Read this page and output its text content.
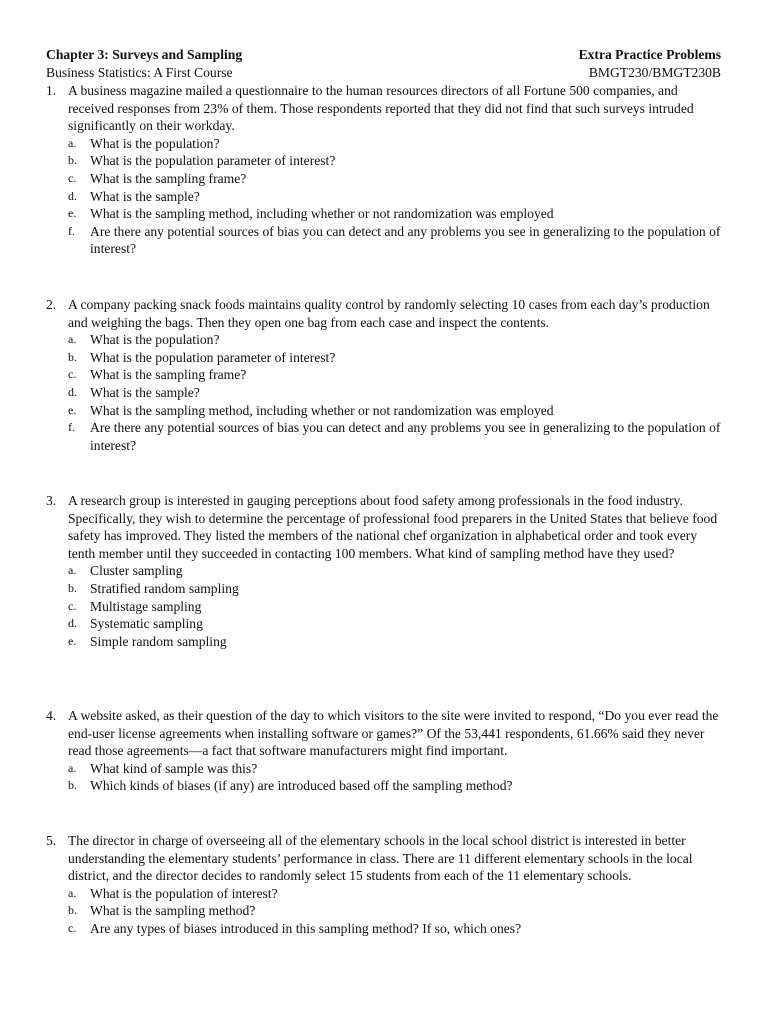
Chapter 3: Surveys and Sampling	Extra Practice Problems
Business Statistics: A First Course	BMGT230/BMGT230B
1. A business magazine mailed a questionnaire to the human resources directors of all Fortune 500 companies, and received responses from 23% of them. Those respondents reported that they did not find that such surveys intruded significantly on their workday.
a.	What is the population?
b. What is the population parameter of interest?
c.	What is the sampling frame?
d. What is the sample?
e.	What is the sampling method, including whether or not randomization was employed
f.	Are there any potential sources of bias you can detect and any problems you see in generalizing to the population of interest?
2. A company packing snack foods maintains quality control by randomly selecting 10 cases from each day’s production and weighing the bags. Then they open one bag from each case and inspect the contents.
a.	What is the population?
b. What is the population parameter of interest?
c.	What is the sampling frame?
d. What is the sample?
e.	What is the sampling method, including whether or not randomization was employed
f.	Are there any potential sources of bias you can detect and any problems you see in generalizing to the population of interest?
3. A research group is interested in gauging perceptions about food safety among professionals in the food industry. Specifically, they wish to determine the percentage of professional food preparers in the United States that believe food safety has improved. They listed the members of the national chef organization in alphabetical order and took every tenth member until they succeeded in contacting 100 members. What kind of sampling method have they used?
a.	Cluster sampling
b. Stratified random sampling
c.	Multistage sampling
d. Systematic sampling
e.	Simple random sampling
4. A website asked, as their question of the day to which visitors to the site were invited to respond, “Do you ever read the end-user license agreements when installing software or games?” Of the 53,441 respondents, 61.66% said they never read those agreements—a fact that software manufacturers might find important.
a.	What kind of sample was this?
b. Which kinds of biases (if any) are introduced based off the sampling method?
5. The director in charge of overseeing all of the elementary schools in the local school district is interested in better understanding the elementary students’ performance in class. There are 11 different elementary schools in the local district, and the director decides to randomly select 15 students from each of the 11 elementary schools.
a.	What is the population of interest?
b. What is the sampling method?
c.	Are any types of biases introduced in this sampling method? If so, which ones?
